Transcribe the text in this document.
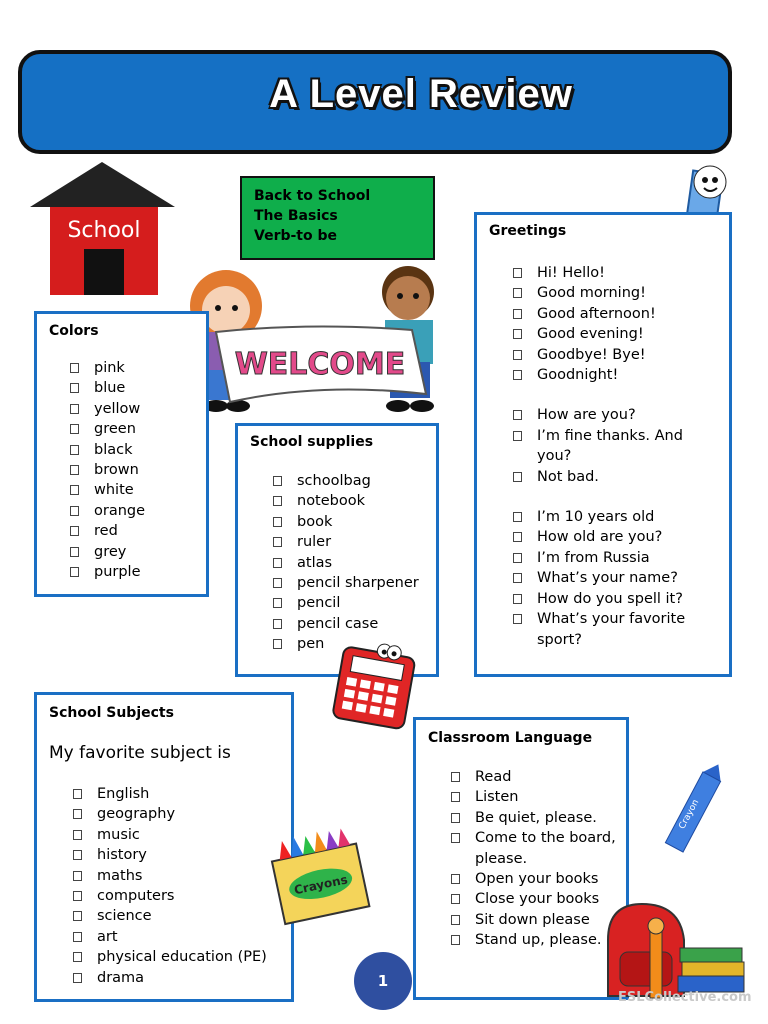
A Level Review
School
Back to School
The Basics
Verb-to be
WELCOME
Colors
pink
blue
yellow
green
black
brown
white
orange
red
grey
purple
Greetings
Hi! Hello!
Good morning!
Good afternoon!
Good evening!
Goodbye! Bye!
Goodnight!
How are you?
I’m fine thanks. And you?
Not bad.
I’m 10 years old
How old are you?
I’m from Russia
What’s your name?
How do you spell it?
What’s your favorite sport?
School supplies
schoolbag
notebook
book
ruler
atlas
pencil sharpener
pencil
pencil case
pen
School Subjects
My favorite subject is
English
geography
music
history
maths
computers
science
art
physical education (PE)
drama
Crayons
Classroom Language
Read
Listen
Be quiet, please.
Come to the board, please.
Open your books
Close your books
Sit down please
Stand up, please.
Crayon
1
ESLCollective.com
